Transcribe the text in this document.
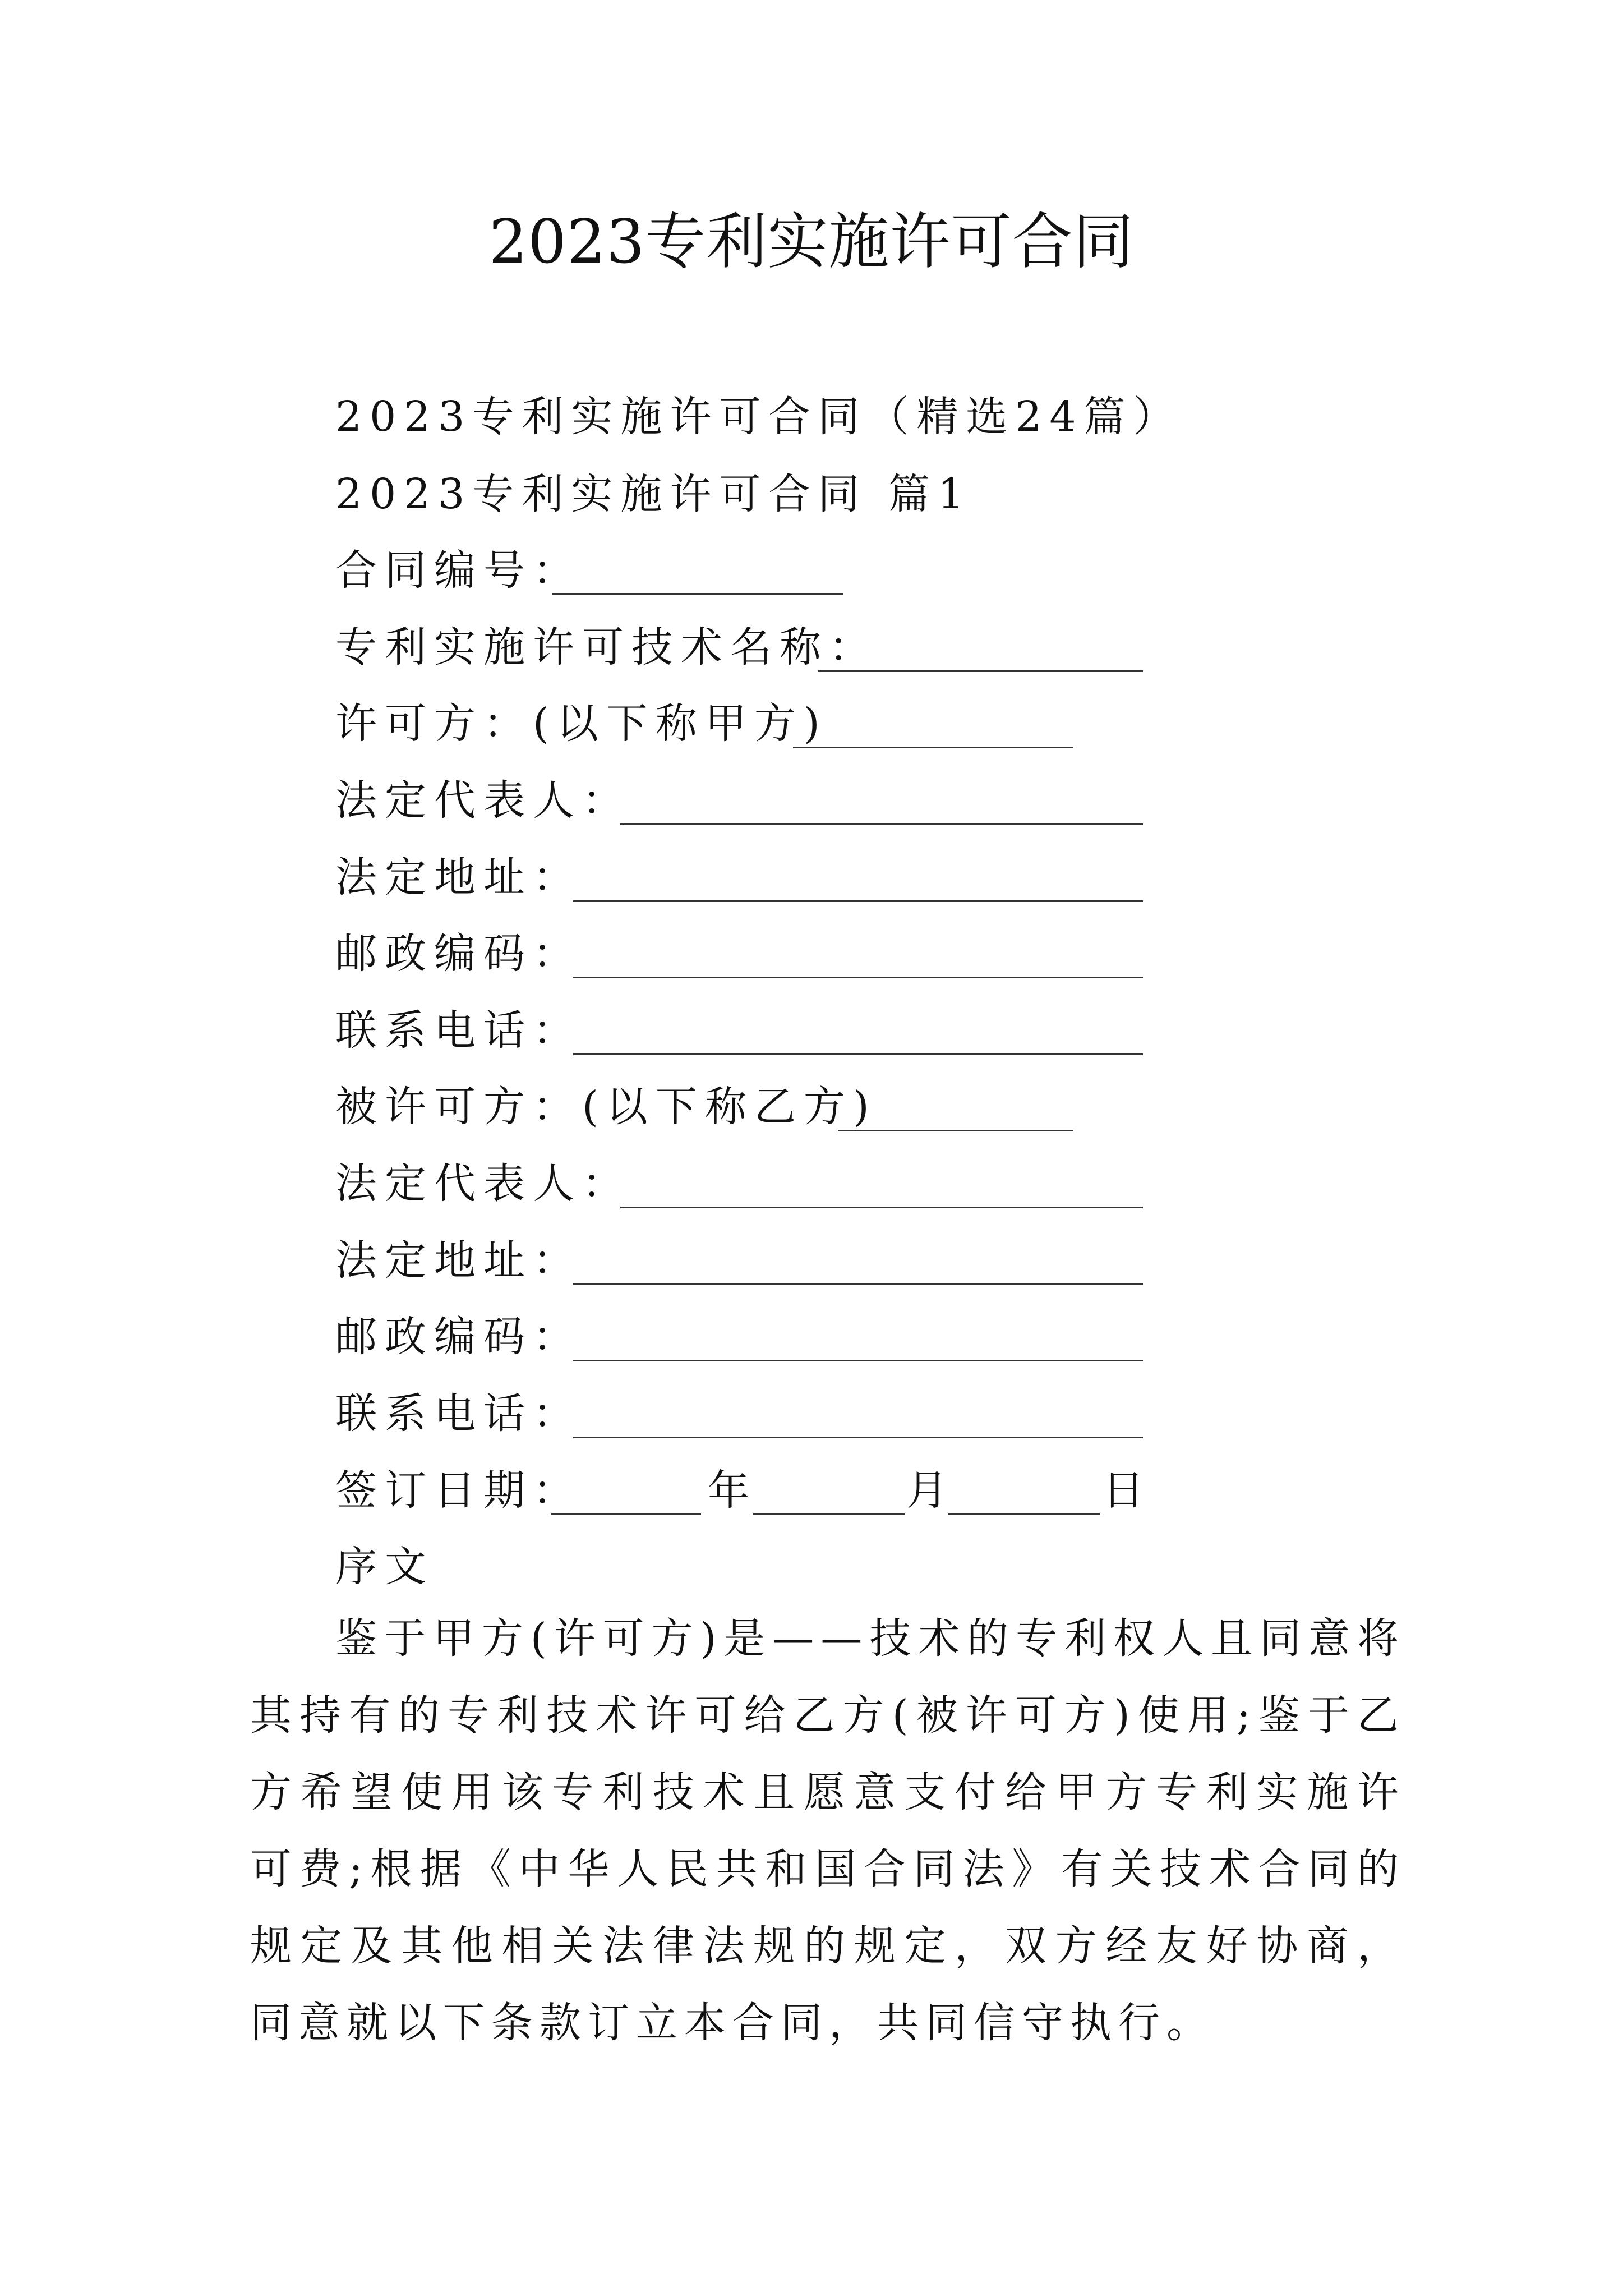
2023专利实施许可合同
2023专利实施许可合同（精选24篇）
2023专利实施许可合同 篇1
合同编号：
专利实施许可技术名称：
许可方：(以下称甲方)
法定代表人：
法定地址：
邮政编码：
联系电话：
被许可方：(以下称乙方)
法定代表人：
法定地址：
邮政编码：
联系电话：
签订日期：	年	月	日
序文
鉴于甲方(许可方)是——技术的专利权人且同意将其持有的专利技术许可给乙方(被许可方)使用;鉴于乙方希望使用该专利技术且愿意支付给甲方专利实施许可费;根据《中华人民共和国合同法》有关技术合同的规定及其他相关法律法规的规定，双方经友好协商，同意就以下条款订立本合同，共同信守执行。
